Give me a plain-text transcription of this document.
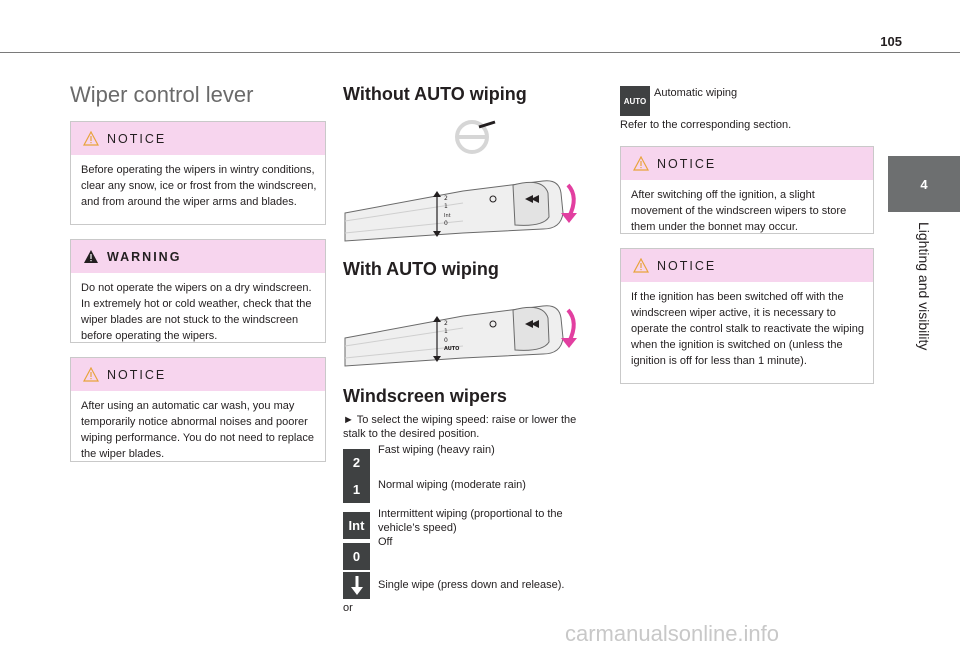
105
4
Lighting and visibility
Wiper control lever
NOTICE
Before operating the wipers in wintry conditions, clear any snow, ice or frost from the windscreen, and from around the wiper arms and blades.
WARNING
Do not operate the wipers on a dry windscreen. In extremely hot or cold weather, check that the wiper blades are not stuck to the windscreen before operating the wipers.
NOTICE
After using an automatic car wash, you may temporarily notice abnormal noises and poorer wiping performance. You do not need to replace the wiper blades.
Without AUTO wiping
2
1
Int
0
With AUTO wiping
2
1
0
AUTO
Windscreen wipers

► To select the wiping speed: raise or lower the stalk to the desired position.

2
Fast wiping (heavy rain)
1	Normal wiping (moderate rain)
Int
Intermittent wiping (proportional to the vehicle’s speed)
0
Off
Single wipe (press down and release).

or

AUTO
Automatic wiping

Refer to the corresponding section.

NOTICE
After switching off the ignition, a slight movement of the windscreen wipers to store them under the bonnet may occur.
NOTICE
If the ignition has been switched off with the windscreen wiper active, it is necessary to operate the control stalk to reactivate the wiping when the ignition is switched on (unless the ignition is off for less than 1 minute).
carmanualsonline.info
